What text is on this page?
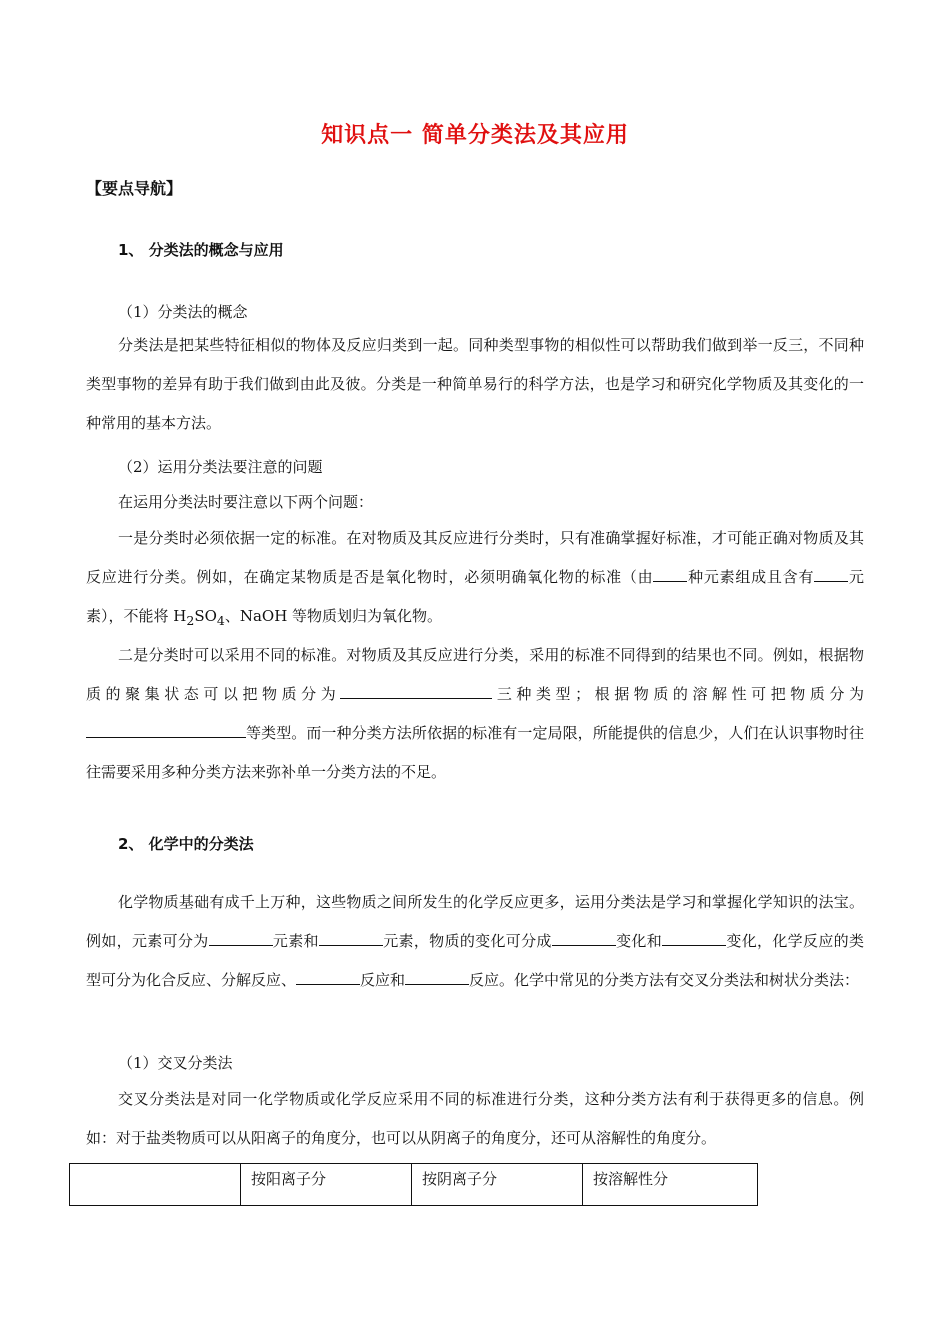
知识点一 简单分类法及其应用
【要点导航】
1、 分类法的概念与应用
（1）分类法的概念

分类法是把某些特征相似的物体及反应归类到一起。同种类型事物的相似性可以帮助我们做到举一反三，不同种类型事物的差异有助于我们做到由此及彼。分类是一种简单易行的科学方法，也是学习和研究化学物质及其变化的一种常用的基本方法。

（2）运用分类法要注意的问题

在运用分类法时要注意以下两个问题：

一是分类时必须依据一定的标准。在对物质及其反应进行分类时，只有准确掌握好标准，才可能正确对物质及其反应进行分类。例如，在确定某物质是否是氧化物时，必须明确氧化物的标准（由 种元素组成且含有 元素），不能将 $H_2SO_4$、NaOH 等物质划归为氧化物。

二是分类时可以采用不同的标准。对物质及其反应进行分类，采用的标准不同得到的结果也不同。例如，根据物质的聚集状态可以把物质分为	三种类型；根据物质的溶解性可把物质分为等类型。而一种分类方法所依据的标准有一定局限，所能提供的信息少，人们在认识事物时往往需要采用多种分类方法来弥补单一分类方法的不足。

2、 化学中的分类法

化学物质基础有成千上万种，这些物质之间所发生的化学反应更多，运用分类法是学习和掌握化学知识的法宝。例如，元素可分为	元素和	元素，物质的变化可分成	变化和	变化，化学反应的类型可分为化合反应、分解反应、	反应和	反应。化学中常见的分类方法有交叉分类法和树状分类法：

（1）交叉分类法

交叉分类法是对同一化学物质或化学反应采用不同的标准进行分类，这种分类方法有利于获得更多的信息。例如：对于盐类物质可以从阳离子的角度分，也可以从阴离子的角度分，还可从溶解性的角度分。

	按阳离子分	按阴离子分	按溶解性分
